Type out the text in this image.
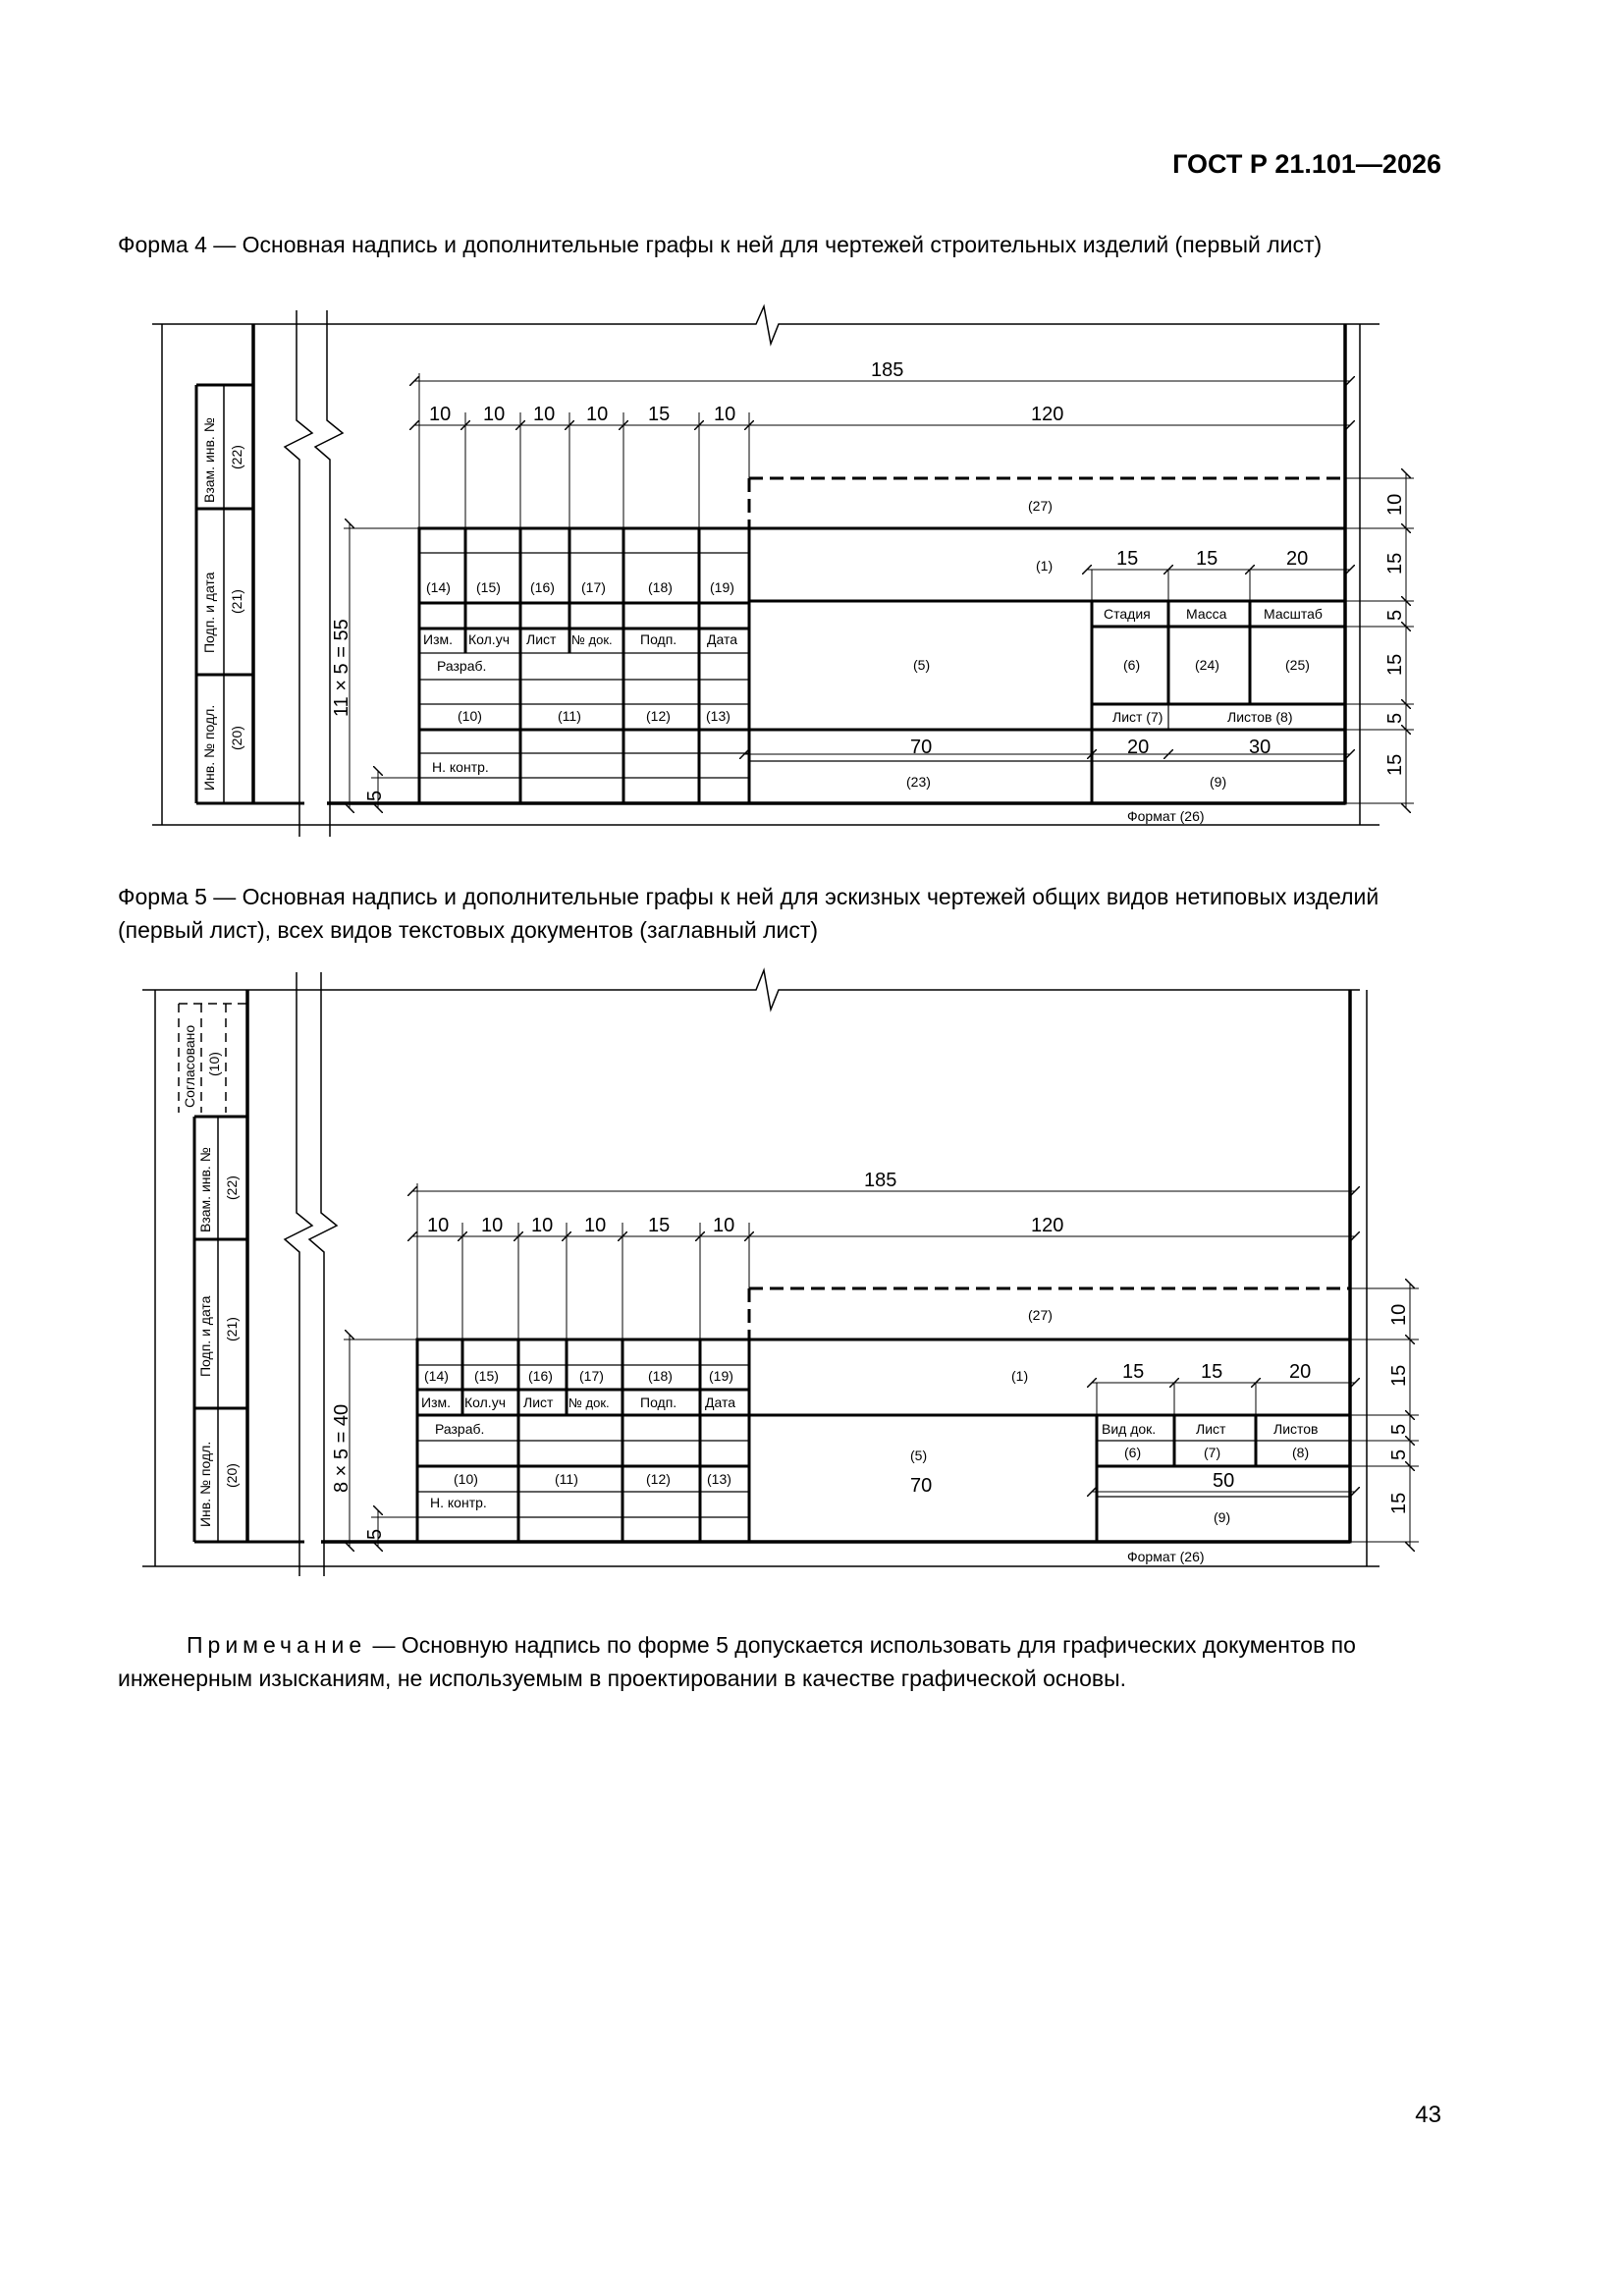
ГОСТ Р 21.101—2026
Форма 4 — Основная надпись и дополнительные графы к ней для чертежей строительных изделий (первый лист)
Форма 5 — Основная надпись и дополнительные графы к ней для эскизных чертежей общих видов нетиповых изделий (первый лист), всех видов текстовых документов (заглавный лист)
Взам. инв. № (22)
Подп. и дата (21)
Инв. № подл. (20)
185
10 10 10 10 15 10	120
11 × 5 = 55
5
10
15
5
15
5
15
15	15	20
70	20	30
(14) (15) (16) (17)	(18)	(19)
Изм. Кол.уч Лист № док. Подп. Дата
Разраб.
(10)	(11)	(12)	(13)
Н. контр.
(27)
(1)
(5)
Стадия	Масса	Масштаб
(6)	(24)	(25)
Лист (7)	Листов (8)
(23)	(9)
Формат (26)
Согласовано (10)
Взам. инв. № (22)
Подп. и дата (21)
Инв. № подл. (20)
185
10 10 10 10 15 10	120
8 × 5 = 40
5
10
15
5
5
15
15	15	20
70	50
(14) (15) (16) (17)	(18)	(19)
Изм. Кол.уч Лист № док. Подп. Дата
Разраб.
(10)	(11)	(12)	(13)
Н. контр.
(27)
(1)
(5)
Вид док.	Лист	Листов
(6)	(7)	(8)
(9)
Формат (26)
Примечание — Основную надпись по форме 5 допускается использовать для графических документов по инженерным изысканиям, не используемым в проектировании в качестве графической основы.
43
